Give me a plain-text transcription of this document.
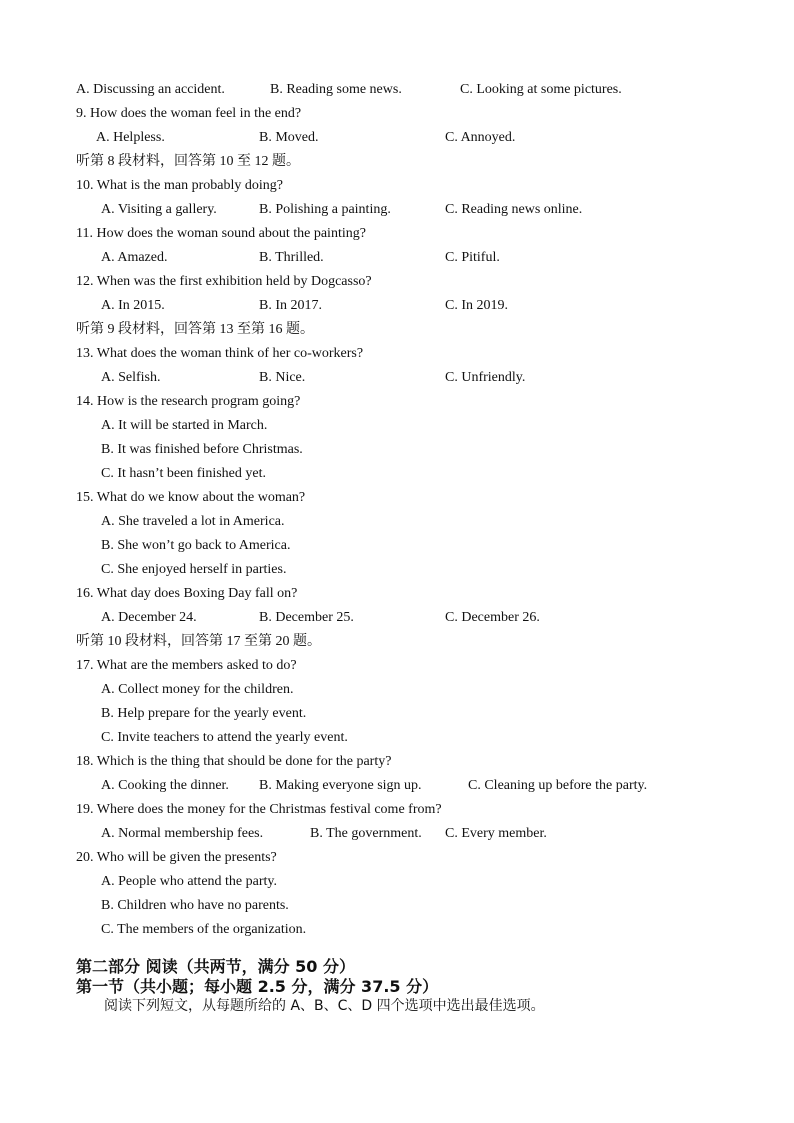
A. Discussing an accident.	B. Reading some news.	C. Looking at some pictures.
9. How does the woman feel in the end?
A. Helpless.	B. Moved.	C. Annoyed.
听第 8 段材料，回答第 10 至 12 题。
10. What is the man probably doing?
A. Visiting a gallery.	B. Polishing a painting.	C. Reading news online.
11. How does the woman sound about the painting?
A. Amazed.	B. Thrilled.	C. Pitiful.
12. When was the first exhibition held by Dogcasso?
A. In 2015.	B. In 2017.	C. In 2019.
听第 9 段材料，回答第 13 至第 16 题。
13. What does the woman think of her co-workers?
A. Selfish.	B. Nice.	C. Unfriendly.
14. How is the research program going?
A. It will be started in March.
B. It was finished before Christmas.
C. It hasn’t been finished yet.
15. What do we know about the woman?
A. She traveled a lot in America.
B. She won’t go back to America.
C. She enjoyed herself in parties.
16. What day does Boxing Day fall on?
A. December 24.	B. December 25.	C. December 26.
听第 10 段材料，回答第 17 至第 20 题。
17. What are the members asked to do?
A. Collect money for the children.
B. Help prepare for the yearly event.
C. Invite teachers to attend the yearly event.
18. Which is the thing that should be done for the party?
A. Cooking the dinner. B. Making everyone sign up.	C. Cleaning up before the party.
19. Where does the money for the Christmas festival come from?
A. Normal membership fees.	B. The government. C. Every member.
20. Who will be given the presents?
A. People who attend the party.
B. Children who have no parents.
C. The members of the organization.
第二部分 阅读（共两节，满分 50 分）
第一节（共小题；每小题 2.5 分，满分 37.5 分）
阅读下列短文，从每题所给的 A、B、C、D 四个选项中选出最佳选项。
